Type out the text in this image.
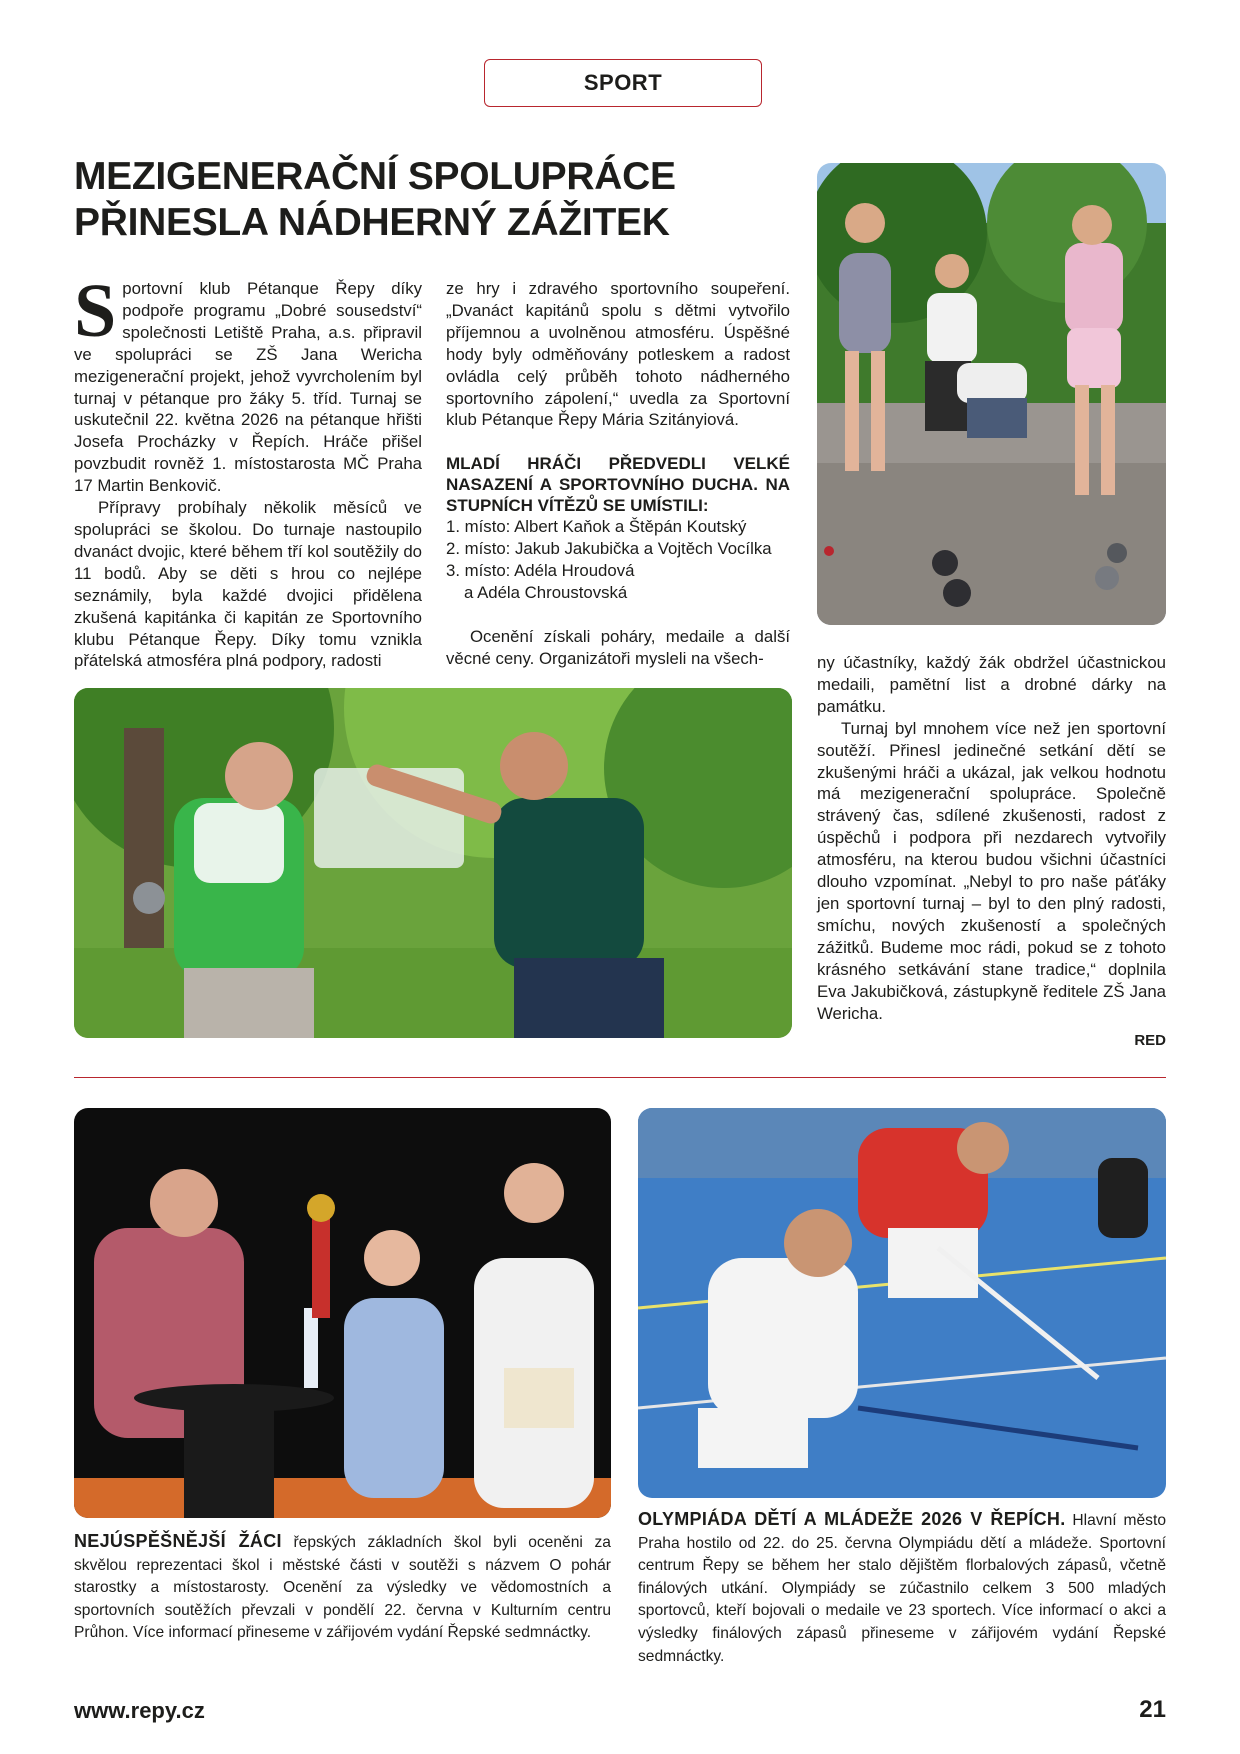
SPORT
MEZIGENERAČNÍ SPOLUPRÁCE
PŘINESLA NÁDHERNÝ ZÁŽITEK

Sportovní klub Pétanque Řepy díky podpoře programu „Dobré sousedství“ společnosti Letiště Praha, a.s. připravil ve spolupráci se ZŠ Jana Wericha mezigenerační projekt, jehož vyvrcholením byl turnaj v pétanque pro žáky 5. tříd. Turnaj se uskutečnil 22. května 2026 na pétanque hřišti Josefa Procházky v Řepích. Hráče přišel povzbudit rovněž 1. místostarosta MČ Praha 17 Martin Benkovič.

Přípravy probíhaly několik měsíců ve spolupráci se školou. Do turnaje nastoupilo dvanáct dvojic, které během tří kol soutěžily do 11 bodů. Aby se děti s hrou co nejlépe seznámily, byla každé dvojici přidělena zkušená kapitánka či kapitán ze Sportovního klubu Pétanque Řepy. Díky tomu vznikla přátelská atmosféra plná podpory, radosti

ze hry i zdravého sportovního soupeření. „Dvanáct kapitánů spolu s dětmi vytvořilo příjemnou a uvolněnou atmosféru. Úspěšné hody byly odměňovány potleskem a radost ovládla celý průběh tohoto nádherného sportovního zápolení,“ uvedla za Sportovní klub Pétanque Řepy Mária Szitányiová.

MLADÍ HRÁČI PŘEDVEDLI VELKÉ NASAZENÍ A SPORTOVNÍHO DUCHA. NA STUPNÍCH VÍTĚZŮ SE UMÍSTILI:

1. místo: Albert Kaňok a Štěpán Koutský
2. místo: Jakub Jakubička a Vojtěch Vocílka
3. místo: Adéla Hroudová
a Adéla Chroustovská

Ocenění získali poháry, medaile a další věcné ceny. Organizátoři mysleli na všech-	ny účastníky, každý žák obdržel účastnickou medaili, pamětní list a drobné dárky na památku.

Turnaj byl mnohem více než jen sportovní soutěží. Přinesl jedinečné setkání dětí se zkušenými hráči a ukázal, jak velkou hodnotu má mezigenerační spolupráce. Společně strávený čas, sdílené zkušenosti, radost z úspěchů i podpora při nezdarech vytvořily atmosféru, na kterou budou všichni účastníci dlouho vzpomínat. „Nebyl to pro naše páťáky jen sportovní turnaj – byl to den plný radosti, smíchu, nových zkušeností a společných zážitků. Budeme moc rádi, pokud se z tohoto krásného setkávání stane tradice,“ doplnila Eva Jakubičková, zástupkyně ředitele ZŠ Jana Wericha.

RED

NEJÚSPĚŠNĚJŠÍ ŽÁCI řepských základních škol byli oceněni za skvělou reprezentaci škol i městské části v soutěži s názvem O pohár starostky a místostarosty. Ocenění za výsledky ve vědomostních a sportovních soutěžích převzali v pondělí 22. června v Kulturním centru Průhon. Více informací přineseme v zářijovém vydání Řepské sedmnáctky.

OLYMPIÁDA DĚTÍ A MLÁDEŽE 2026 V ŘEPÍCH. Hlavní město Praha hostilo od 22. do 25. června Olympiádu dětí a mládeže. Sportovní centrum Řepy se během her stalo dějištěm florbalových zápasů, včetně finálových utkání. Olympiády se zúčastnilo celkem 3 500 mladých sportovců, kteří bojovali o medaile ve 23 sportech. Více informací o akci a výsledky finálových zápasů přineseme v zářijovém vydání Řepské sedmnáctky.

www.repy.cz	21
